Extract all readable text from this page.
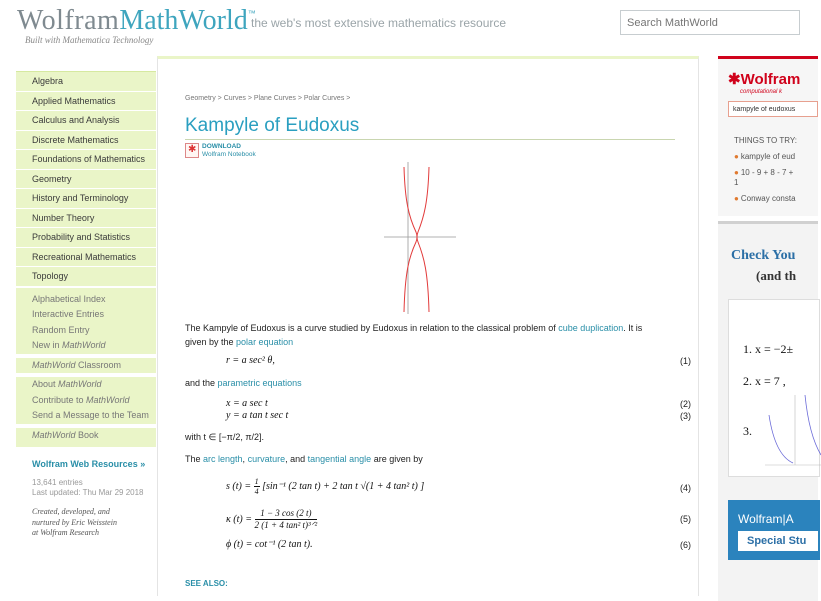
WolframMathWorld™
Built with Mathematica Technology
the web's most extensive mathematics resource
Search MathWorld
Algebra
Applied Mathematics
Calculus and Analysis
Discrete Mathematics
Foundations of Mathematics
Geometry
History and Terminology
Number Theory
Probability and Statistics
Recreational Mathematics
Topology
Alphabetical Index
Interactive Entries
Random Entry
New in MathWorld
MathWorld Classroom
About MathWorld
Contribute to MathWorld
Send a Message to the Team
MathWorld Book
Wolfram Web Resources »
13,641 entries
Last updated: Thu Mar 29 2018
Created, developed, and
nurtured by Eric Weisstein
at Wolfram Research
Geometry > Curves > Plane Curves > Polar Curves >
Kampyle of Eudoxus
✱
DOWNLOAD
Wolfram Notebook
The Kampyle of Eudoxus is a curve studied by Eudoxus in relation to the classical problem of cube duplication. It is
given by the polar equation
r = a sec² θ,	(1)
and the parametric equations
x = a sec t	(2)
y = a tan t sec t	(3)
with t ∈ [−π/2, π/2].
The arc length, curvature, and tangential angle are given by
s $(t) = \frac{1}{4} [\sin^{-1}$ (2 tan t) + 2 tan t √(1 + 4 tan² t) ]	(4)
κ $(t) = \frac{1 - 3 \cos (2 t)}{\text{2 (1 + 4 tan² t)³ᐟ²}}$	(5)
ϕ (t) = cot⁻¹ (2 tan t).	(6)
SEE ALSO:
✱Wolfram
computational k
kampyle of eudoxus
THINGS TO TRY:
● kampyle of eud
● 10 - 9 + 8 - 7 +
1
● Conway consta
Check You
(and th
1. x = −2±
2. x = 7 ,
3.
Wolfram|A
Special Stu
